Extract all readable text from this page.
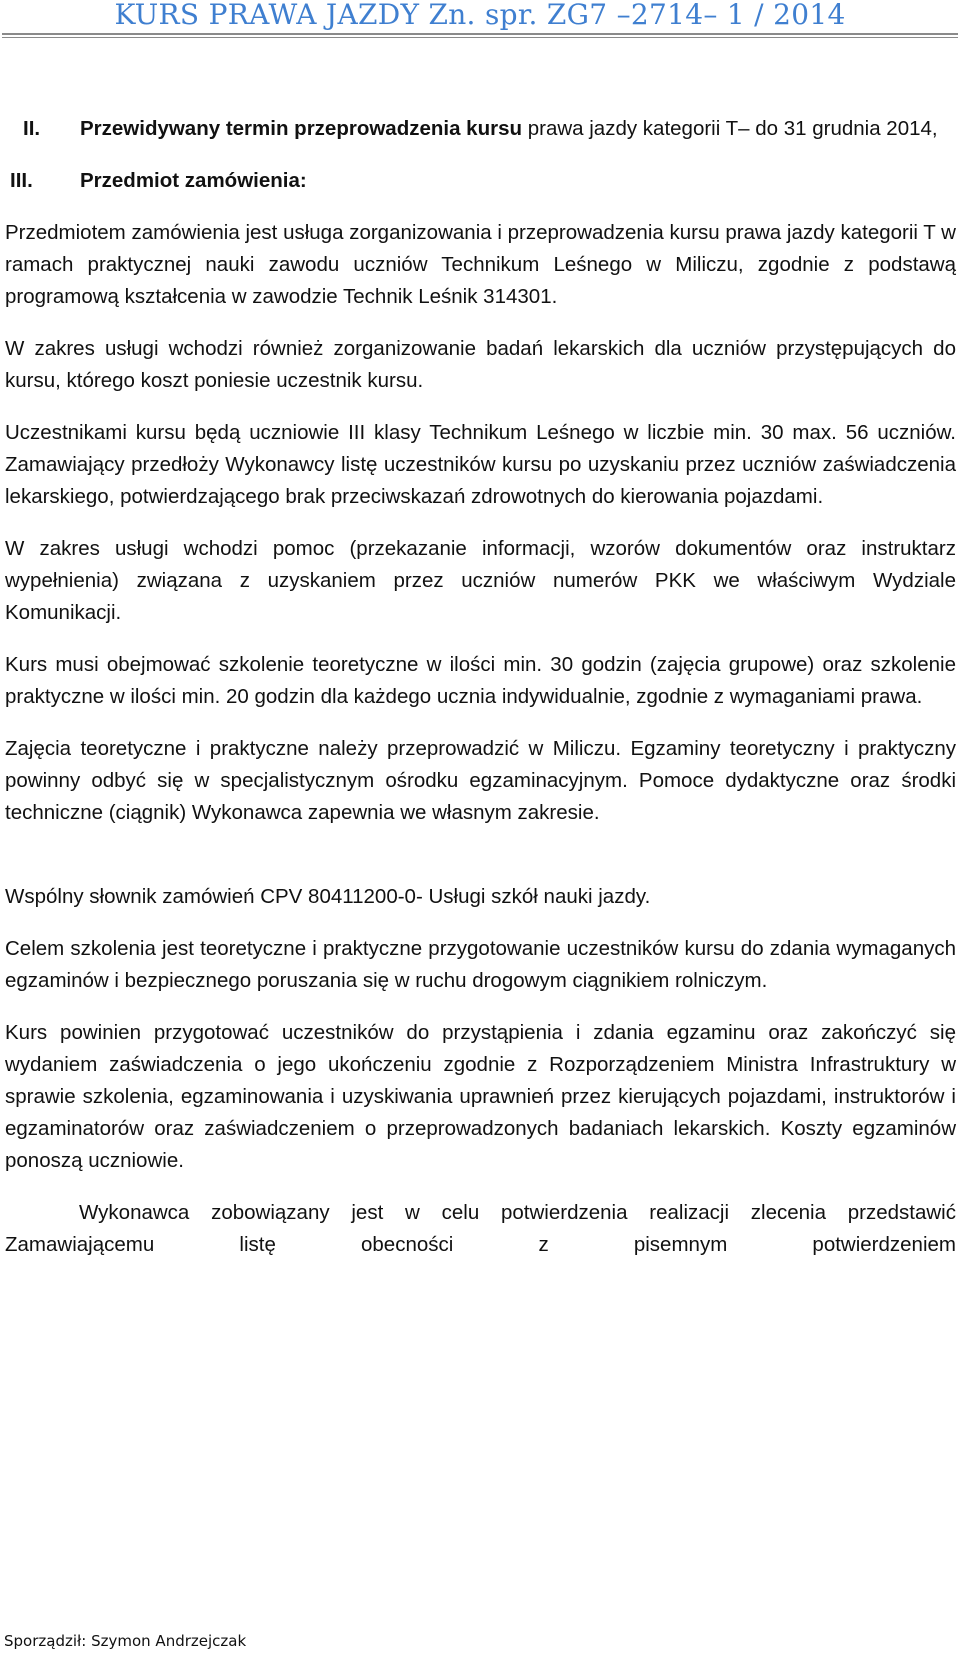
KURS PRAWA JAZDY Zn. spr. ZG7 –2714– 1 / 2014
II. Przewidywany termin przeprowadzenia kursu prawa jazdy kategorii T– do 31 grudnia 2014,

III. Przedmiot zamówienia:

Przedmiotem zamówienia jest usługa zorganizowania i przeprowadzenia kursu prawa jazdy kategorii T w ramach praktycznej nauki zawodu uczniów Technikum Leśnego w Miliczu, zgodnie z podstawą programową kształcenia w zawodzie Technik Leśnik 314301.

W zakres usługi wchodzi również zorganizowanie badań lekarskich dla uczniów przystępujących do kursu, którego koszt poniesie uczestnik kursu.

Uczestnikami kursu będą uczniowie III klasy Technikum Leśnego w liczbie min. 30 max. 56 uczniów. Zamawiający przedłoży Wykonawcy listę uczestników kursu po uzyskaniu przez uczniów zaświadczenia lekarskiego, potwierdzającego brak przeciwskazań zdrowotnych do kierowania pojazdami.

W zakres usługi wchodzi pomoc (przekazanie informacji, wzorów dokumentów oraz instruktarz wypełnienia) związana z uzyskaniem przez uczniów numerów PKK we właściwym Wydziale Komunikacji.

Kurs musi obejmować szkolenie teoretyczne w ilości min. 30 godzin (zajęcia grupowe) oraz szkolenie praktyczne w ilości min. 20 godzin dla każdego ucznia indywidualnie, zgodnie z wymaganiami prawa.

Zajęcia teoretyczne i praktyczne należy przeprowadzić w Miliczu. Egzaminy teoretyczny i praktyczny powinny odbyć się w specjalistycznym ośrodku egzaminacyjnym. Pomoce dydaktyczne oraz środki techniczne (ciągnik) Wykonawca zapewnia we własnym zakresie.

Wspólny słownik zamówień CPV 80411200-0- Usługi szkół nauki jazdy.

Celem szkolenia jest teoretyczne i praktyczne przygotowanie uczestników kursu do zdania wymaganych egzaminów i bezpiecznego poruszania się w ruchu drogowym ciągnikiem rolniczym.

Kurs powinien przygotować uczestników do przystąpienia i zdania egzaminu oraz zakończyć się wydaniem zaświadczenia o jego ukończeniu zgodnie z Rozporządzeniem Ministra Infrastruktury w sprawie szkolenia, egzaminowania i uzyskiwania uprawnień przez kierujących pojazdami, instruktorów i egzaminatorów oraz zaświadczeniem o przeprowadzonych badaniach lekarskich. Koszty egzaminów ponoszą uczniowie.

Wykonawca zobowiązany jest w celu potwierdzenia realizacji zlecenia przedstawić Zamawiającemu listę obecności z pisemnym potwierdzeniem

Sporządził: Szymon Andrzejczak
